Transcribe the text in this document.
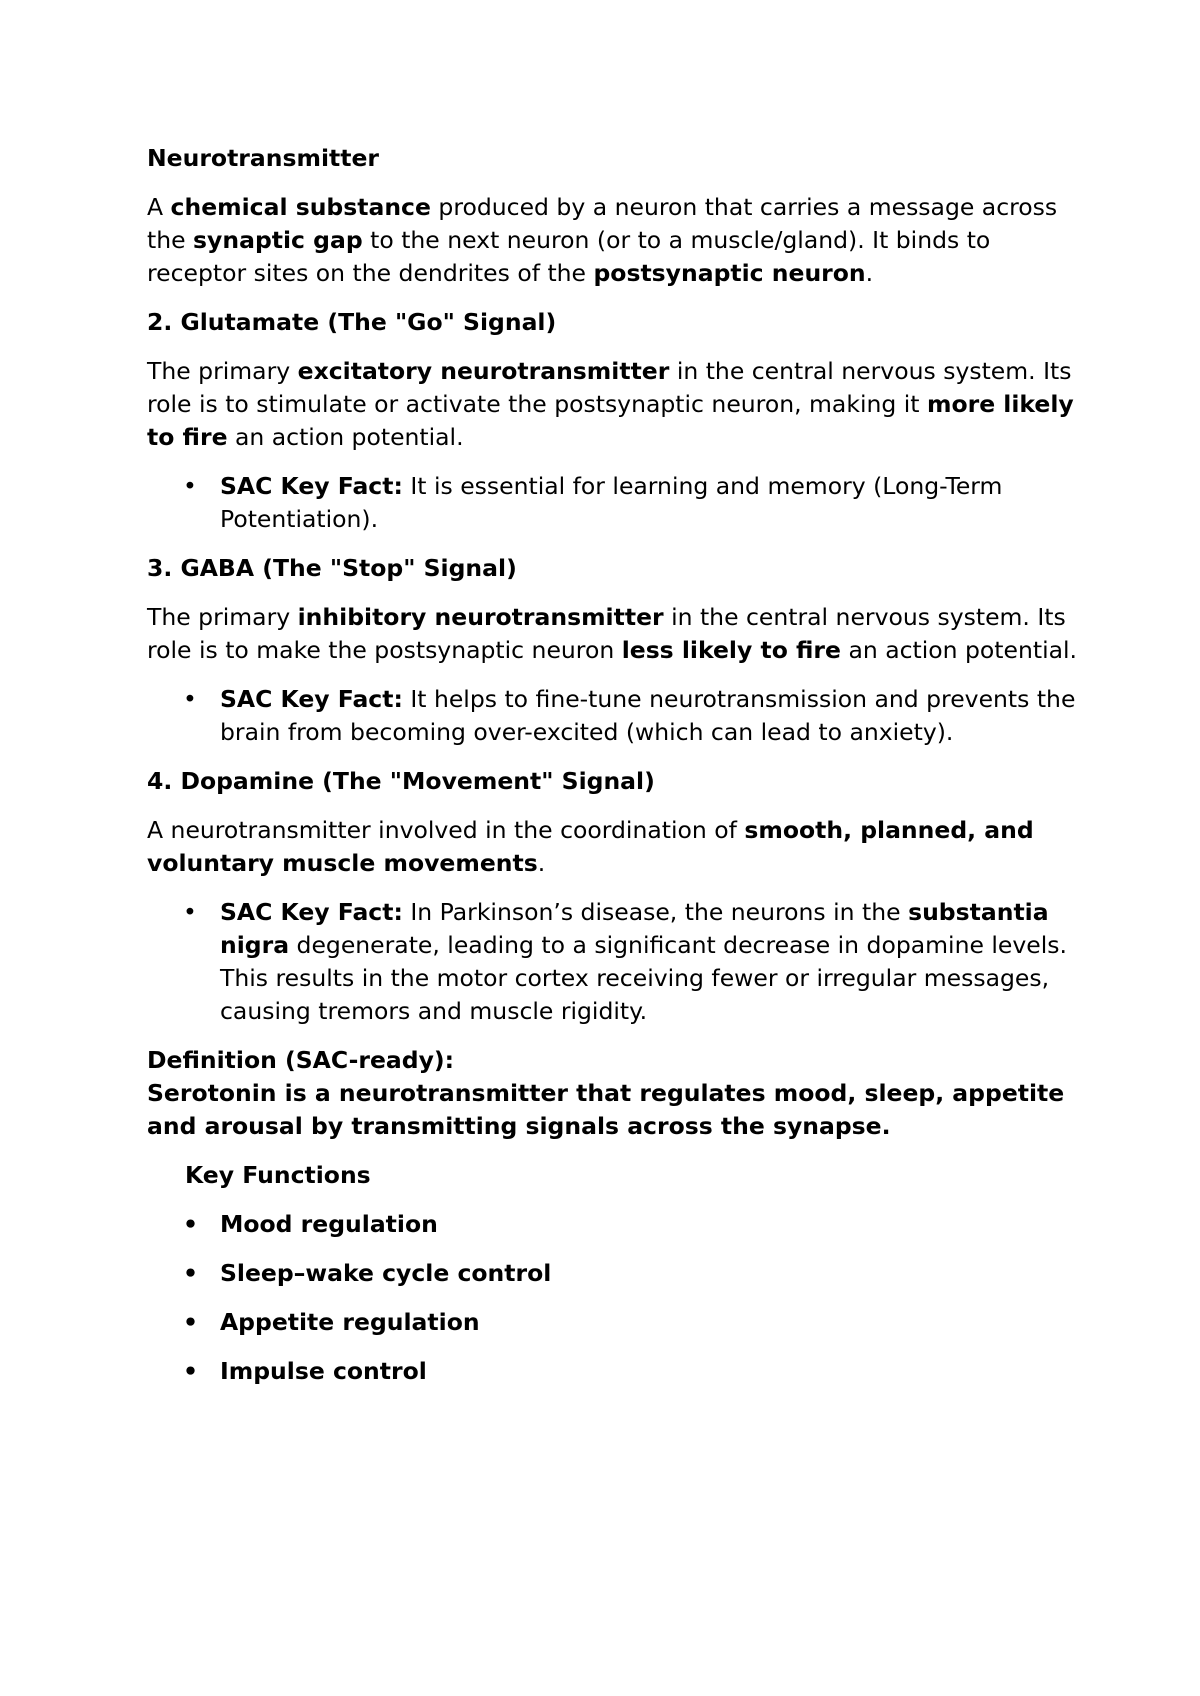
Neurotransmitter

A chemical substance produced by a neuron that carries a message across the synaptic gap to the next neuron (or to a muscle/gland). It binds to receptor sites on the dendrites of the postsynaptic neuron.

2. Glutamate (The "Go" Signal)

The primary excitatory neurotransmitter in the central nervous system. Its role is to stimulate or activate the postsynaptic neuron, making it more likely to fire an action potential.

• SAC Key Fact: It is essential for learning and memory (Long-Term Potentiation).

3. GABA (The "Stop" Signal)

The primary inhibitory neurotransmitter in the central nervous system. Its role is to make the postsynaptic neuron less likely to fire an action potential.

• SAC Key Fact: It helps to fine-tune neurotransmission and prevents the brain from becoming over-excited (which can lead to anxiety).

4. Dopamine (The "Movement" Signal)

A neurotransmitter involved in the coordination of smooth, planned, and voluntary muscle movements.

• SAC Key Fact: In Parkinson’s disease, the neurons in the substantia nigra degenerate, leading to a significant decrease in dopamine levels. This results in the motor cortex receiving fewer or irregular messages, causing tremors and muscle rigidity.
Definition (SAC-ready):
Serotonin is a neurotransmitter that regulates mood, sleep, appetite and arousal by transmitting signals across the synapse.
Key Functions
• Mood regulation
• Sleep–wake cycle control
• Appetite regulation
• Impulse control
